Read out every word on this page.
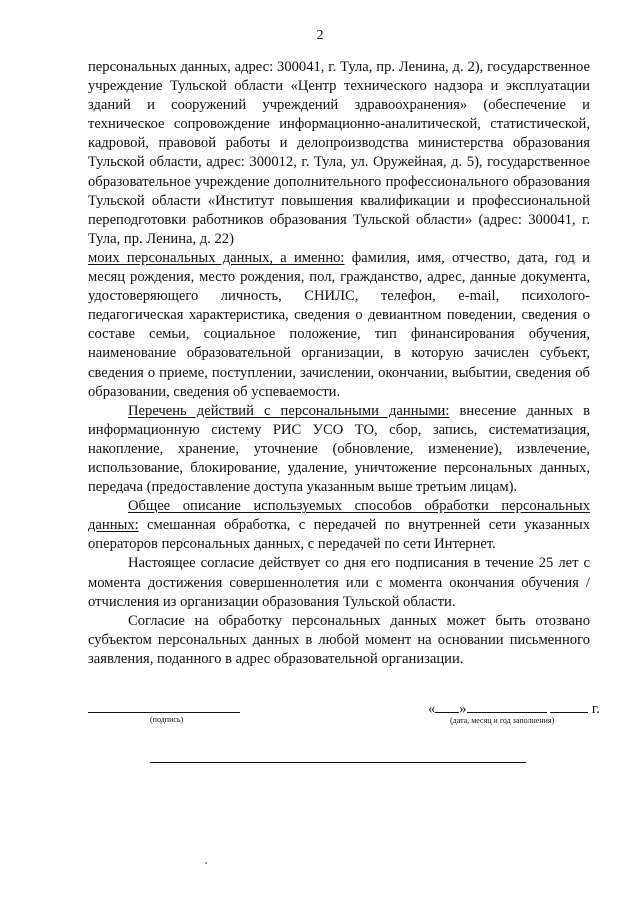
2

персональных данных, адрес: 300041, г. Тула, пр. Ленина, д. 2), государственное учреждение Тульской области «Центр технического надзора и эксплуатации зданий и сооружений учреждений здравоохранения» (обеспечение и техническое сопровождение информационно-аналитической, статистической, кадровой, правовой работы и делопроизводства министерства образования Тульской области, адрес: 300012, г. Тула, ул. Оружейная, д. 5), государственное образовательное учреждение дополнительного профессионального образования Тульской области «Институт повышения квалификации и профессиональной переподготовки работников образования Тульской области» (адрес: 300041, г. Тула, пр. Ленина, д. 22)

моих персональных данных, а именно: фамилия, имя, отчество, дата, год и месяц рождения, место рождения, пол, гражданство, адрес, данные документа, удостоверяющего личность, СНИЛС, телефон, e-mail, психолого-педагогическая характеристика, сведения о девиантном поведении, сведения о составе семьи, социальное положение, тип финансирования обучения, наименование образовательной организации, в которую зачислен субъект, сведения о приеме, поступлении, зачислении, окончании, выбытии, сведения об образовании, сведения об успеваемости.

Перечень действий с персональными данными: внесение данных в информационную систему РИС УСО ТО, сбор, запись, систематизация, накопление, хранение, уточнение (обновление, изменение), извлечение, использование, блокирование, удаление, уничтожение персональных данных, передача (предоставление доступа указанным выше третьим лицам).

Общее описание используемых способов обработки персональных данных: смешанная обработка, с передачей по внутренней сети указанных операторов персональных данных, с передачей по сети Интернет.

Настоящее согласие действует со дня его подписания в течение 25 лет с момента достижения совершеннолетия или с момента окончания обучения / отчисления из организации образования Тульской области.

Согласие на обработку персональных данных может быть отозвано субъектом персональных данных в любой момент на основании письменного заявления, поданного в адрес образовательной организации.

(подпись)
« »	г.
(дата, месяц и год заполнения)
